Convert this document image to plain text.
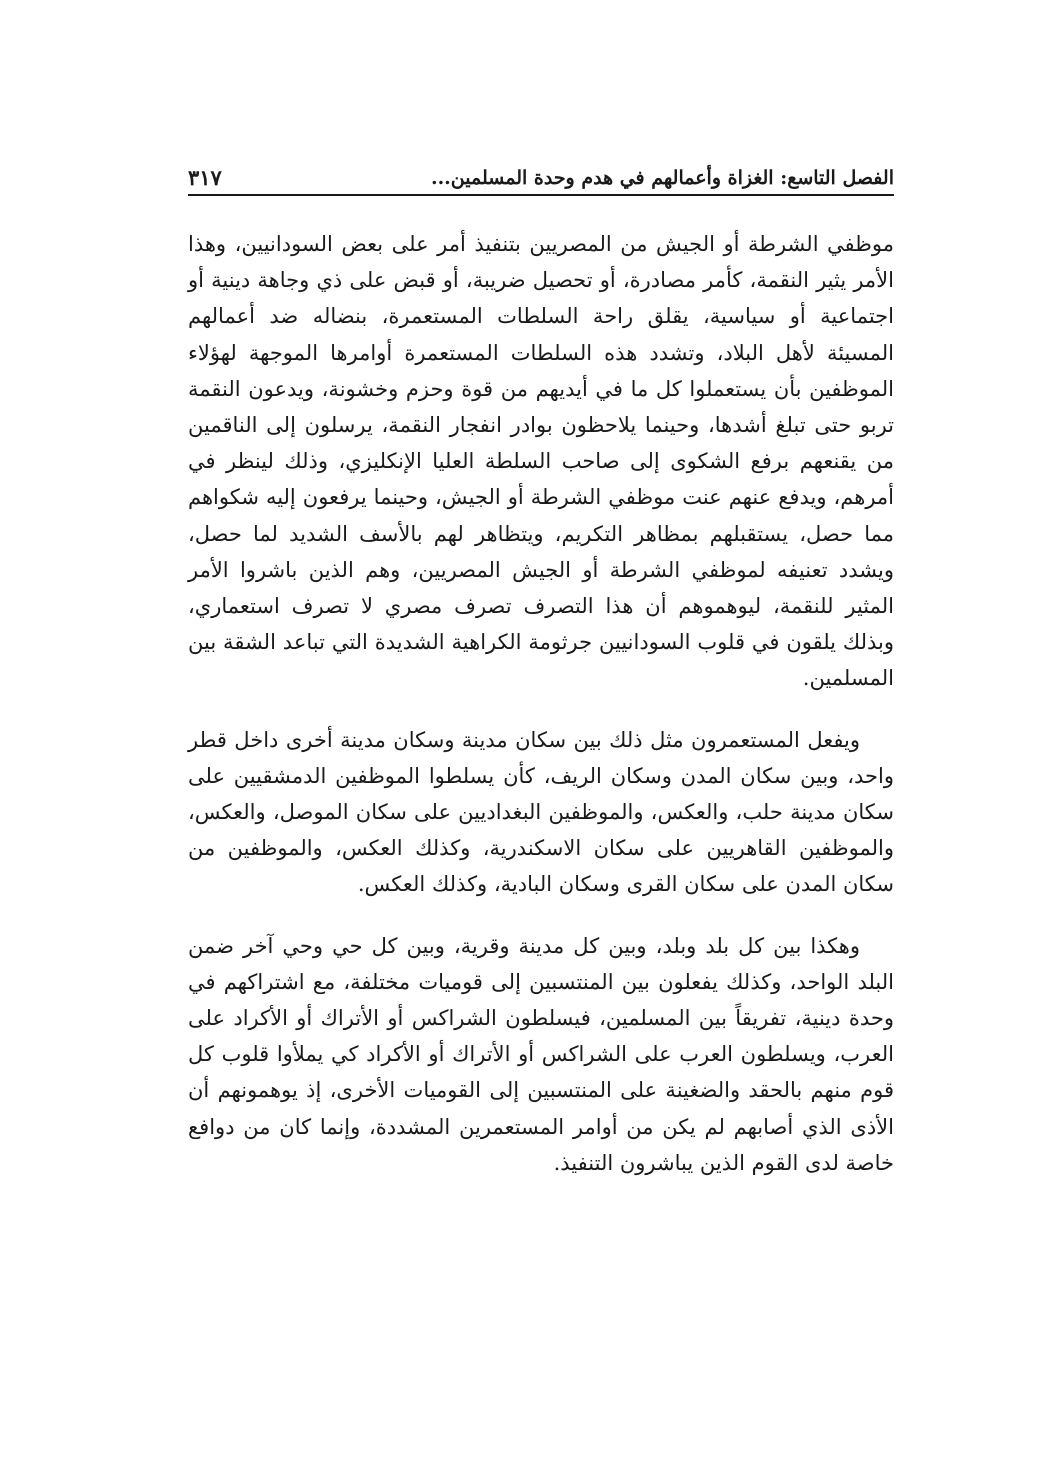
الفصل التاسع: الغزاة وأعمالهم في هدم وحدة المسلمين...
٣١٧

موظفي الشرطة أو الجيش من المصريين بتنفيذ أمر على بعض السودانيين، وهذا الأمر يثير النقمة، كأمر مصادرة، أو تحصيل ضريبة، أو قبض على ذي وجاهة دينية أو اجتماعية أو سياسية، يقلق راحة السلطات المستعمرة، بنضاله ضد أعمالهم المسيئة لأهل البلاد، وتشدد هذه السلطات المستعمرة أوامرها الموجهة لهؤلاء الموظفين بأن يستعملوا كل ما في أيديهم من قوة وحزم وخشونة، ويدعون النقمة تربو حتى تبلغ أشدها، وحينما يلاحظون بوادر انفجار النقمة، يرسلون إلى الناقمين من يقنعهم برفع الشكوى إلى صاحب السلطة العليا الإنكليزي، وذلك لينظر في أمرهم، ويدفع عنهم عنت موظفي الشرطة أو الجيش، وحينما يرفعون إليه شكواهم مما حصل، يستقبلهم بمظاهر التكريم، ويتظاهر لهم بالأسف الشديد لما حصل، ويشدد تعنيفه لموظفي الشرطة أو الجيش المصريين، وهم الذين باشروا الأمر المثير للنقمة، ليوهموهم أن هذا التصرف تصرف مصري لا تصرف استعماري، وبذلك يلقون في قلوب السودانيين جرثومة الكراهية الشديدة التي تباعد الشقة بين المسلمين.

ويفعل المستعمرون مثل ذلك بين سكان مدينة وسكان مدينة أخرى داخل قطر واحد، وبين سكان المدن وسكان الريف، كأن يسلطوا الموظفين الدمشقيين على سكان مدينة حلب، والعكس، والموظفين البغداديين على سكان الموصل، والعكس، والموظفين القاهريين على سكان الاسكندرية، وكذلك العكس، والموظفين من سكان المدن على سكان القرى وسكان البادية، وكذلك العكس.

وهكذا بين كل بلد وبلد، وبين كل مدينة وقرية، وبين كل حي وحي آخر ضمن البلد الواحد، وكذلك يفعلون بين المنتسبين إلى قوميات مختلفة، مع اشتراكهم في وحدة دينية، تفريقاً بين المسلمين، فيسلطون الشراكس أو الأتراك أو الأكراد على العرب، ويسلطون العرب على الشراكس أو الأتراك أو الأكراد كي يملأوا قلوب كل قوم منهم بالحقد والضغينة على المنتسبين إلى القوميات الأخرى، إذ يوهمونهم أن الأذى الذي أصابهم لم يكن من أوامر المستعمرين المشددة، وإنما كان من دوافع خاصة لدى القوم الذين يباشرون التنفيذ.
